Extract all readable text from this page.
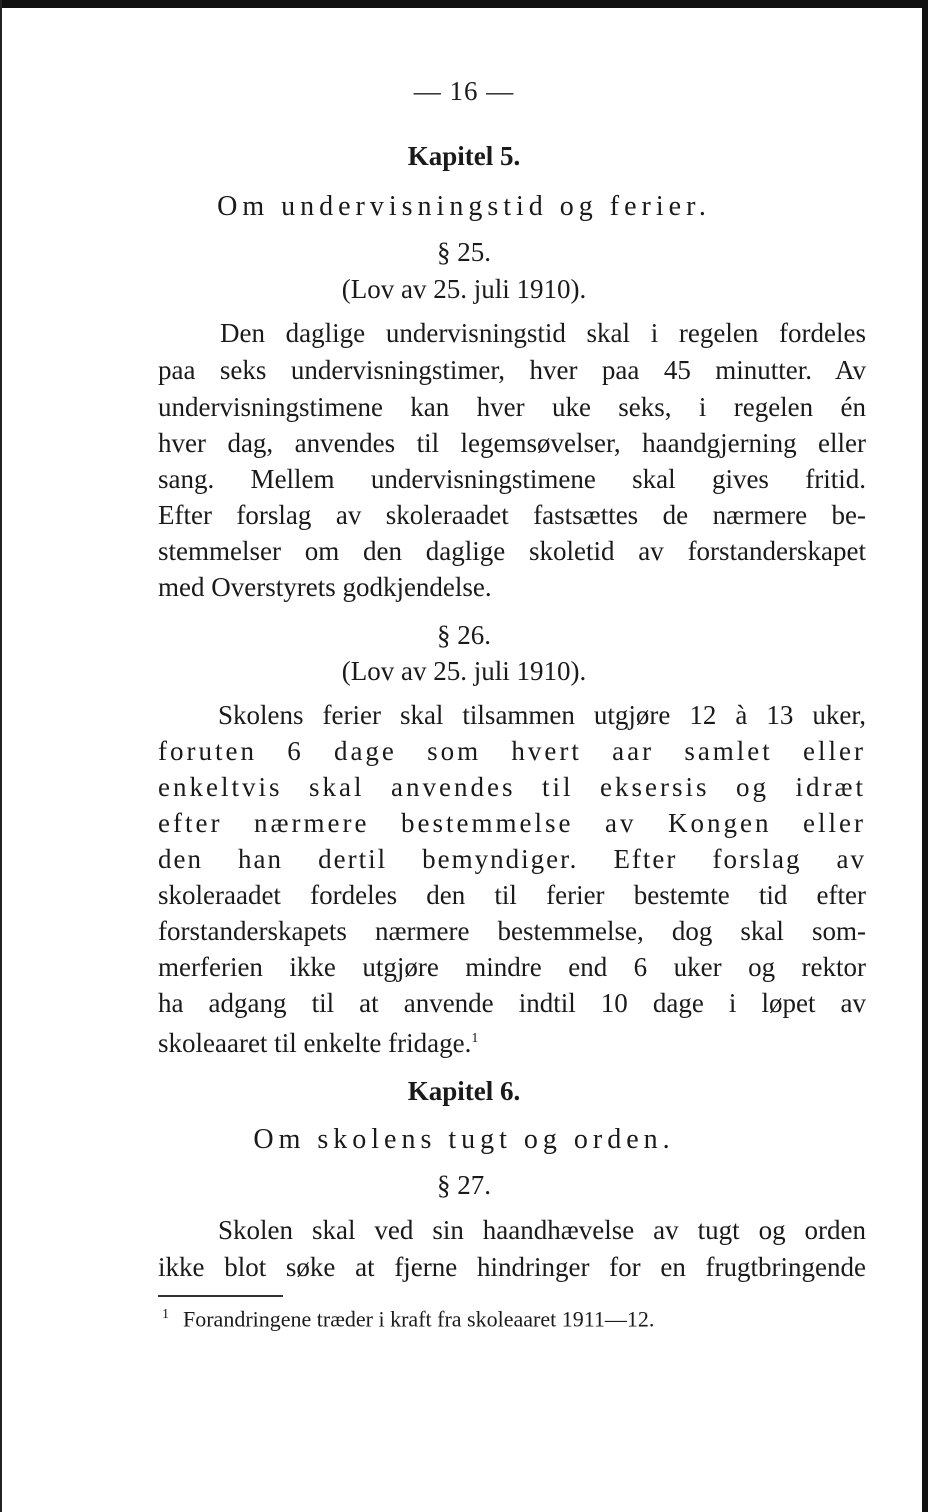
— 16 —
Kapitel 5.
Om undervisningstid og ferier.
§ 25.
(Lov av 25. juli 1910).
Den daglige undervisningstid skal i regelen fordeles
paa seks undervisningstimer, hver paa 45 minutter. Av
undervisningstimene kan hver uke seks, i regelen én
hver dag, anvendes til legemsøvelser, haandgjerning eller
sang. Mellem undervisningstimene skal gives fritid.
Efter forslag av skoleraadet fastsættes de nærmere be-
stemmelser om den daglige skoletid av forstanderskapet
med Overstyrets godkjendelse.
§ 26.
(Lov av 25. juli 1910).
Skolens ferier skal tilsammen utgjøre 12 à 13 uker,
foruten 6 dage som hvert aar samlet eller
enkeltvis skal anvendes til eksersis og idræt
efter nærmere bestemmelse av Kongen eller
den han dertil bemyndiger. Efter forslag av
skoleraadet fordeles den til ferier bestemte tid efter
forstanderskapets nærmere bestemmelse, dog skal som-
merferien ikke utgjøre mindre end 6 uker og rektor
ha adgang til at anvende indtil 10 dage i løpet av
skoleaaret til enkelte fridage.$^1$
Kapitel 6.
Om skolens tugt og orden.
§ 27.
Skolen skal ved sin haandhævelse av tugt og orden
ikke blot søke at fjerne hindringer for en frugtbringende
$^1$ Forandringene træder i kraft fra skoleaaret 1911—12.
